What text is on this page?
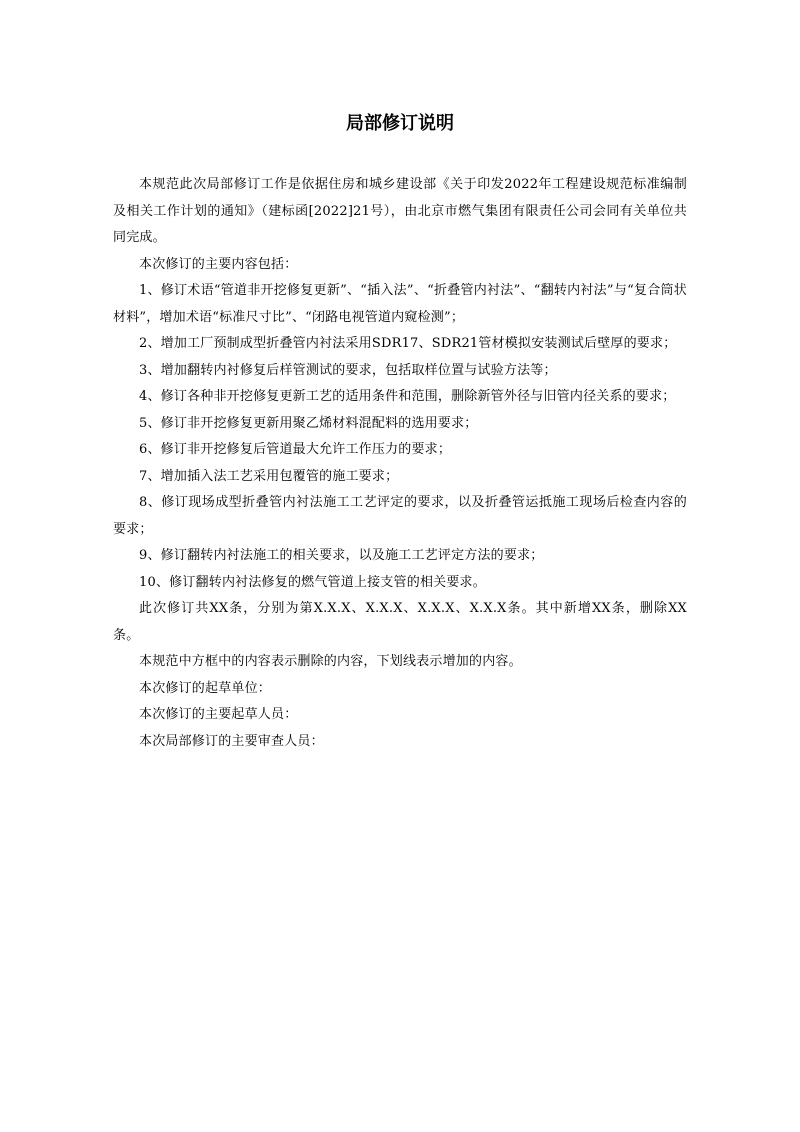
局部修订说明

本规范此次局部修订工作是依据住房和城乡建设部《关于印发2022年工程建设规范标准编制及相关工作计划的通知》（建标函[2022]21号），由北京市燃气集团有限责任公司会同有关单位共同完成。

本次修订的主要内容包括：

1、修订术语“管道非开挖修复更新”、“插入法”、“折叠管内衬法”、“翻转内衬法”与“复合筒状材料”，增加术语“标准尺寸比”、“闭路电视管道内窥检测”；

2、增加工厂预制成型折叠管内衬法采用SDR17、SDR21管材模拟安装测试后壁厚的要求；

3、增加翻转内衬修复后样管测试的要求，包括取样位置与试验方法等；

4、修订各种非开挖修复更新工艺的适用条件和范围，删除新管外径与旧管内径关系的要求；

5、修订非开挖修复更新用聚乙烯材料混配料的选用要求；

6、修订非开挖修复后管道最大允许工作压力的要求；

7、增加插入法工艺采用包覆管的施工要求；

8、修订现场成型折叠管内衬法施工工艺评定的要求，以及折叠管运抵施工现场后检查内容的要求；

9、修订翻转内衬法施工的相关要求，以及施工工艺评定方法的要求；

10、修订翻转内衬法修复的燃气管道上接支管的相关要求。

此次修订共XX条，分别为第X.X.X、X.X.X、X.X.X、X.X.X条。其中新增XX条，删除XX条。

本规范中方框中的内容表示删除的内容，下划线表示增加的内容。

本次修订的起草单位：

本次修订的主要起草人员：

本次局部修订的主要审查人员：
